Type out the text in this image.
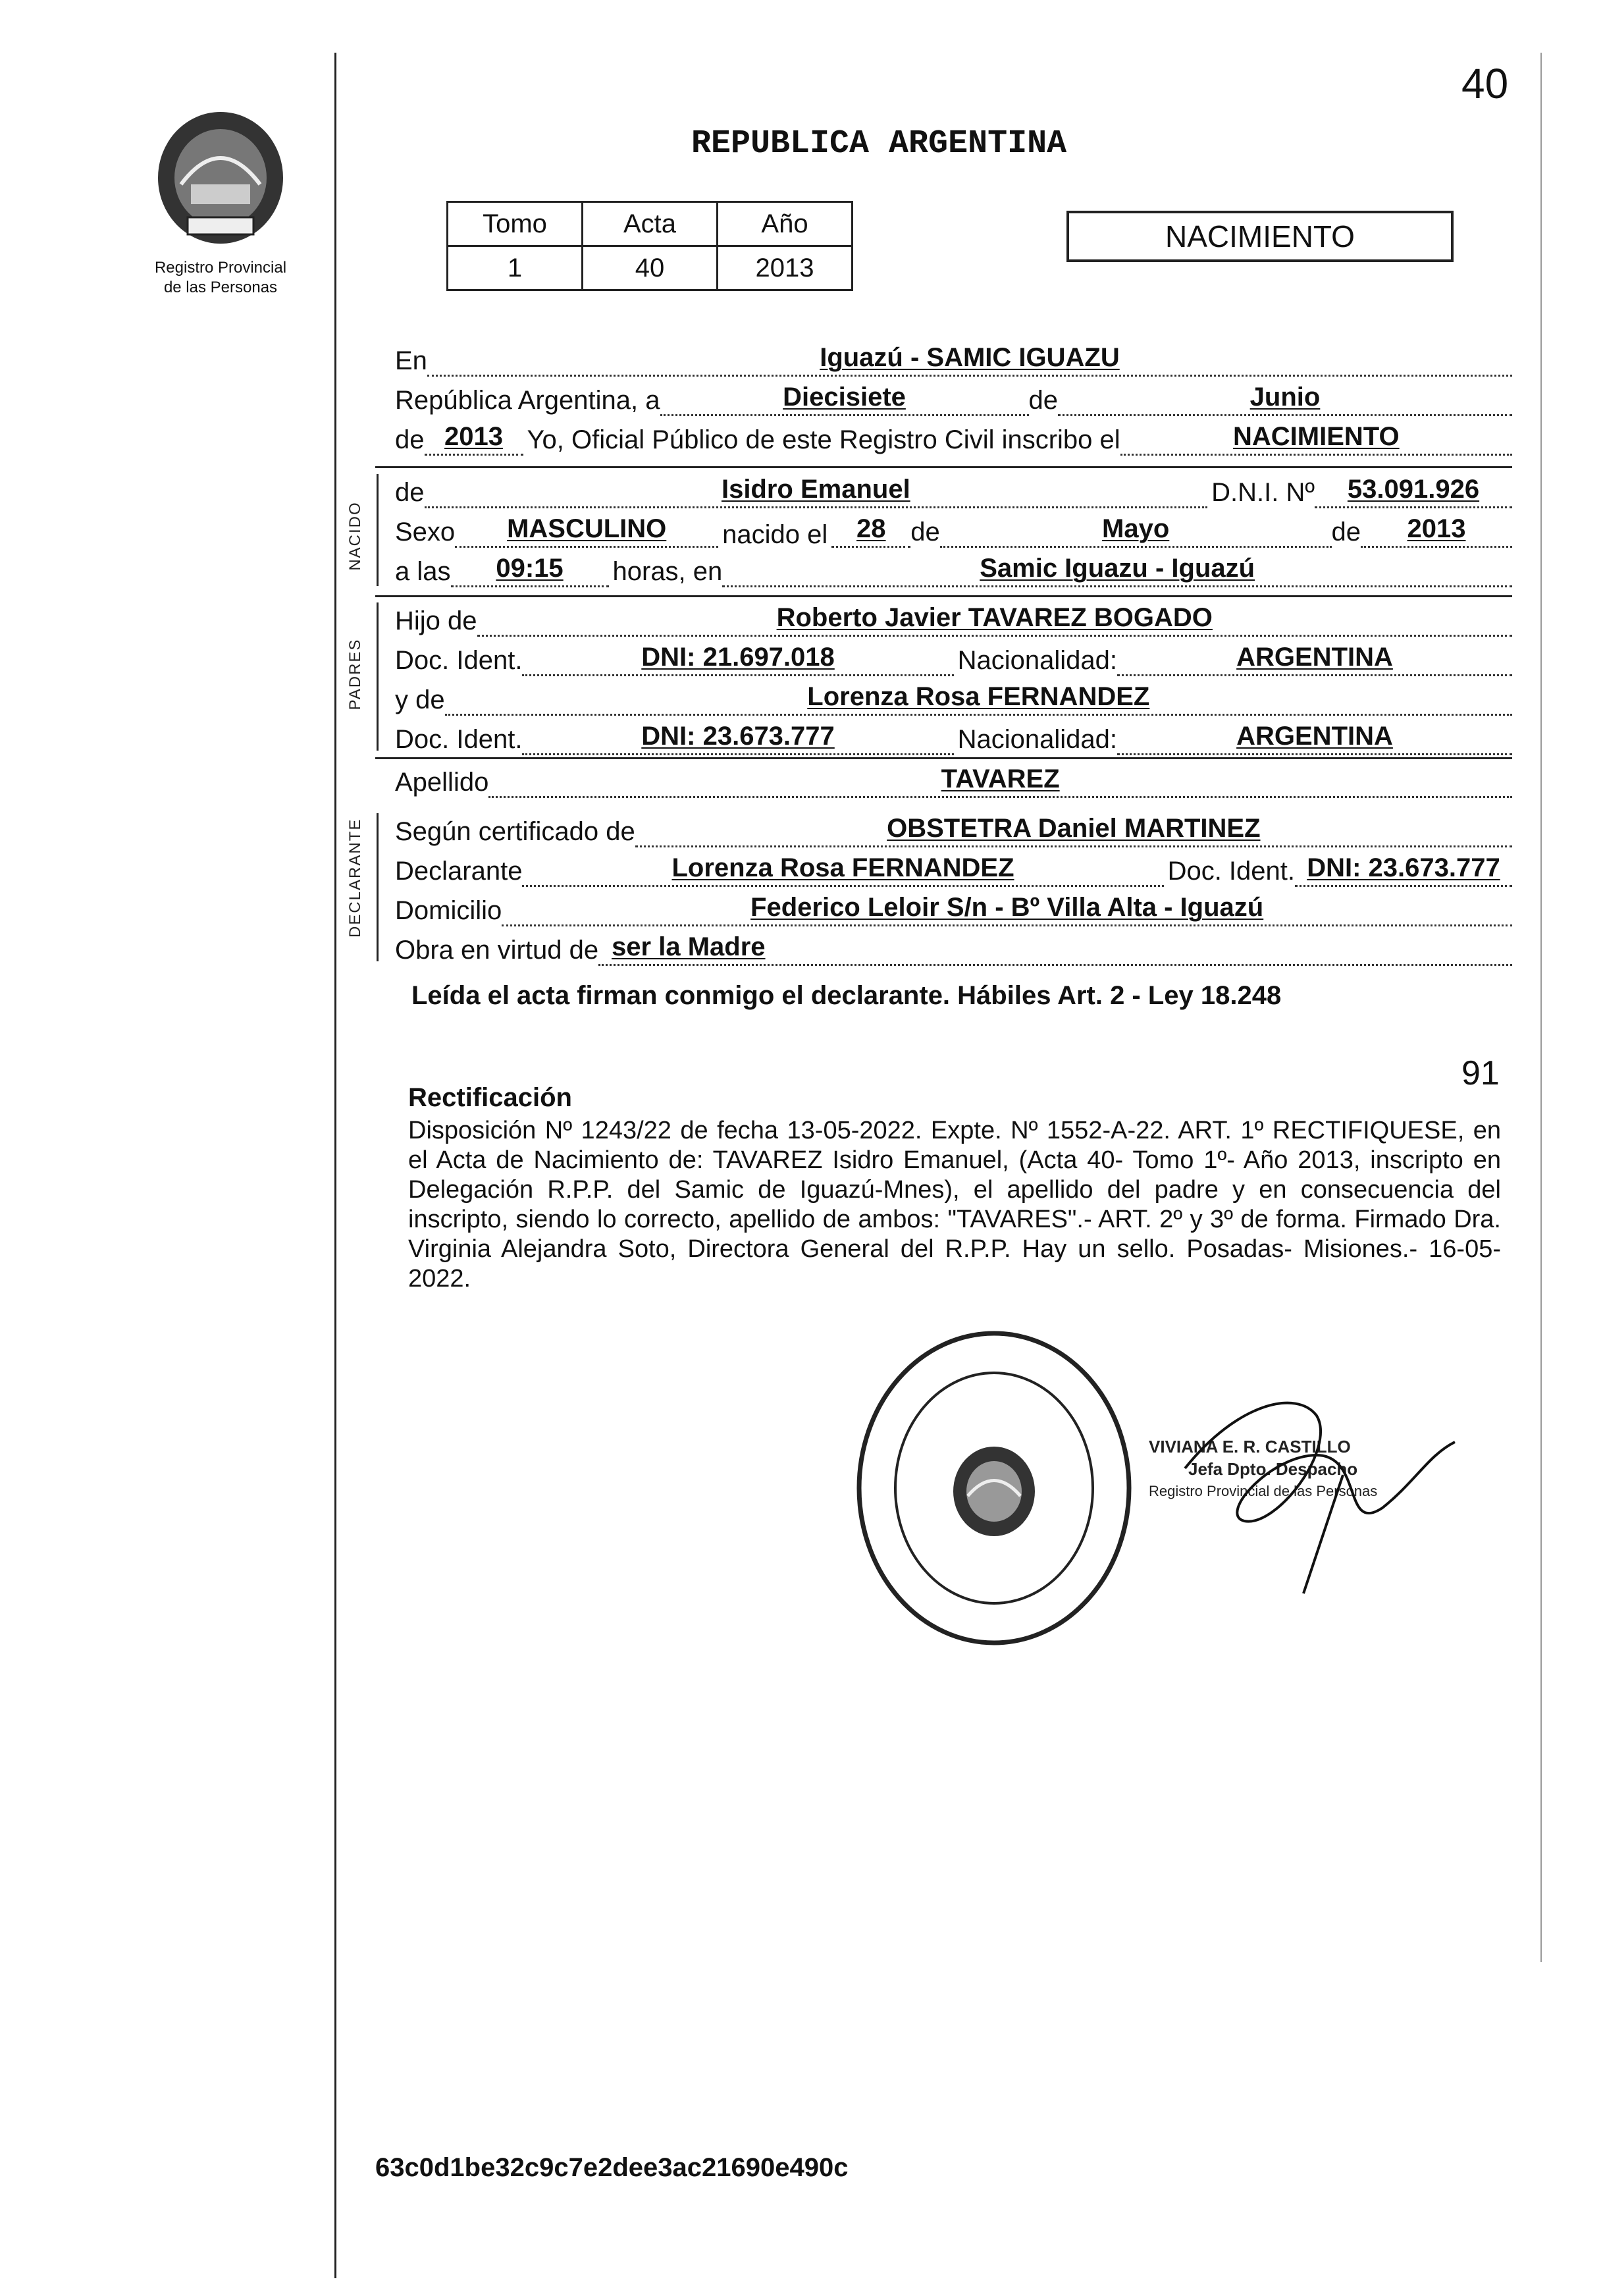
Registro Provincial
de las Personas
REPUBLICA ARGENTINA
40
Tomo	Acta	Año
1	40	2013
NACIMIENTO
En	Iguazú - SAMIC IGUAZU
República Argentina, a	Diecisiete	de	Junio
de 2013 Yo, Oficial Público de este Registro Civil inscribo el	NACIMIENTO
NACIDO
de	Isidro Emanuel	D.N.I. Nº	53.091.926
Sexo	MASCULINO	nacido el	28 de	Mayo	de	2013
a las	09:15	horas, en	Samic Iguazu - Iguazú
PADRES
Hijo de	Roberto Javier TAVAREZ BOGADO
Doc. Ident.	DNI: 21.697.018	Nacionalidad:	ARGENTINA
y de	Lorenza Rosa FERNANDEZ
Doc. Ident.	DNI: 23.673.777	Nacionalidad:	ARGENTINA
Apellido	TAVAREZ
DECLARANTE Según certificado de	OBSTETRA Daniel MARTINEZ
Declarante	Lorenza Rosa FERNANDEZ	Doc. Ident. DNI: 23.673.777
Domicilio	Federico Leloir S/n - Bº Villa Alta - Iguazú
Obra en virtud de ser la Madre
Leída el acta firman conmigo el declarante. Hábiles Art. 2 - Ley 18.248
91
Rectificación
Disposición Nº 1243/22 de fecha 13-05-2022. Expte. Nº 1552-A-22. ART. 1º RECTIFIQUESE, en el Acta de Nacimiento de: TAVAREZ Isidro Emanuel, (Acta 40- Tomo 1º- Año 2013, inscripto en Delegación R.P.P. del Samic de Iguazú-Mnes), el apellido del padre y en consecuencia del inscripto, siendo lo correcto, apellido de ambos: "TAVARES".- ART. 2º y 3º de forma. Firmado Dra. Virginia Alejandra Soto, Directora General del R.P.P. Hay un sello. Posadas- Misiones.- 16-05-2022.
VIVIANA E. R. CASTILLO
Jefa Dpto. Despacho
Registro Provincial de las Personas
63c0d1be32c9c7e2dee3ac21690e490c
